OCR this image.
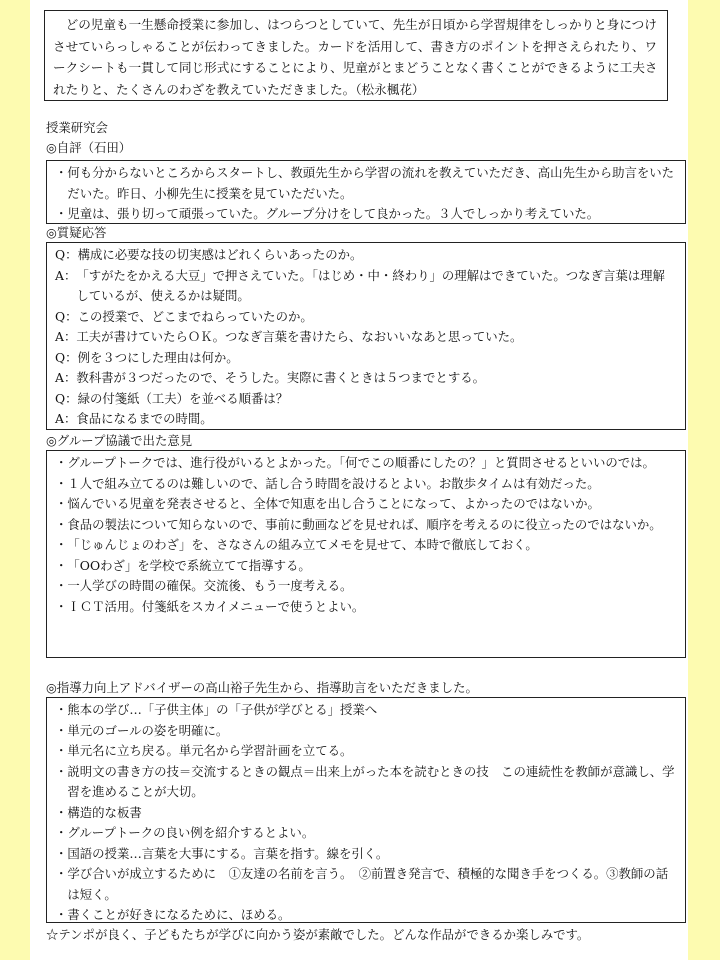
どの児童も一生懸命授業に参加し、はつらつとしていて、先生が日頃から学習規律をしっかりと身につけさせていらっしゃることが伝わってきました。カードを活用して、書き方のポイントを押さえられたり、ワークシートも一貫して同じ形式にすることにより、児童がとまどうことなく書くことができるように工夫されたりと、たくさんのわざを教えていただきました。（松永楓花）

授業研究会
◎自評（石田）
・ 何も分からないところからスタートし、教頭先生から学習の流れを教えていただき、高山先生から助言をいただいた。昨日、小柳先生に授業を見ていただいた。
・ 児童は、張り切って頑張っていた。グループ分けをして良かった。３人でしっかり考えていた。
◎質疑応答
Q： 構成に必要な技の切実感はどれくらいあったのか。
A： 「すがたをかえる大豆」で押さえていた。「はじめ・中・終わり」の理解はできていた。つなぎ言葉は理解しているが、使えるかは疑問。
Q： この授業で、どこまでねらっていたのか。
A： 工夫が書けていたらＯＫ。つなぎ言葉を書けたら、なおいいなあと思っていた。
Q： 例を３つにした理由は何か。
A： 教科書が３つだったので、そうした。実際に書くときは５つまでとする。
Q： 緑の付箋紙（工夫）を並べる順番は？
A： 食品になるまでの時間。
◎グループ協議で出た意見
・ グループトークでは、進行役がいるとよかった。「何でこの順番にしたの？」と質問させるといいのでは。
・ １人で組み立てるのは難しいので、話し合う時間を設けるとよい。お散歩タイムは有効だった。
・ 悩んでいる児童を発表させると、全体で知恵を出し合うことになって、よかったのではないか。
・ 食品の製法について知らないので、事前に動画などを見せれば、順序を考えるのに役立ったのではないか。
・ 「じゅんじょのわざ」を、さなさんの組み立てメモを見せて、本時で徹底しておく。
・ 「OOわざ」を学校で系統立てて指導する。
・ 一人学びの時間の確保。交流後、もう一度考える。
・ ＩＣＴ活用。付箋紙をスカイメニューで使うとよい。
◎指導力向上アドバイザーの高山裕子先生から、指導助言をいただきました。
・ 熊本の学び…「子供主体」の「子供が学びとる」授業へ
・ 単元のゴールの姿を明確に。
・ 単元名に立ち戻る。単元名から学習計画を立てる。
・ 説明文の書き方の技＝交流するときの観点＝出来上がった本を読むときの技　この連続性を教師が意識し、学習を進めることが大切。
・ 構造的な板書
・ グループトークの良い例を紹介するとよい。
・ 国語の授業…言葉を大事にする。言葉を指す。線を引く。
・ 学び合いが成立するために　①友達の名前を言う。　②前置き発言で、積極的な聞き手をつくる。③教師の話は短く。
・ 書くことが好きになるために、ほめる。
☆テンポが良く、子どもたちが学びに向かう姿が素敵でした。どんな作品ができるか楽しみです。
